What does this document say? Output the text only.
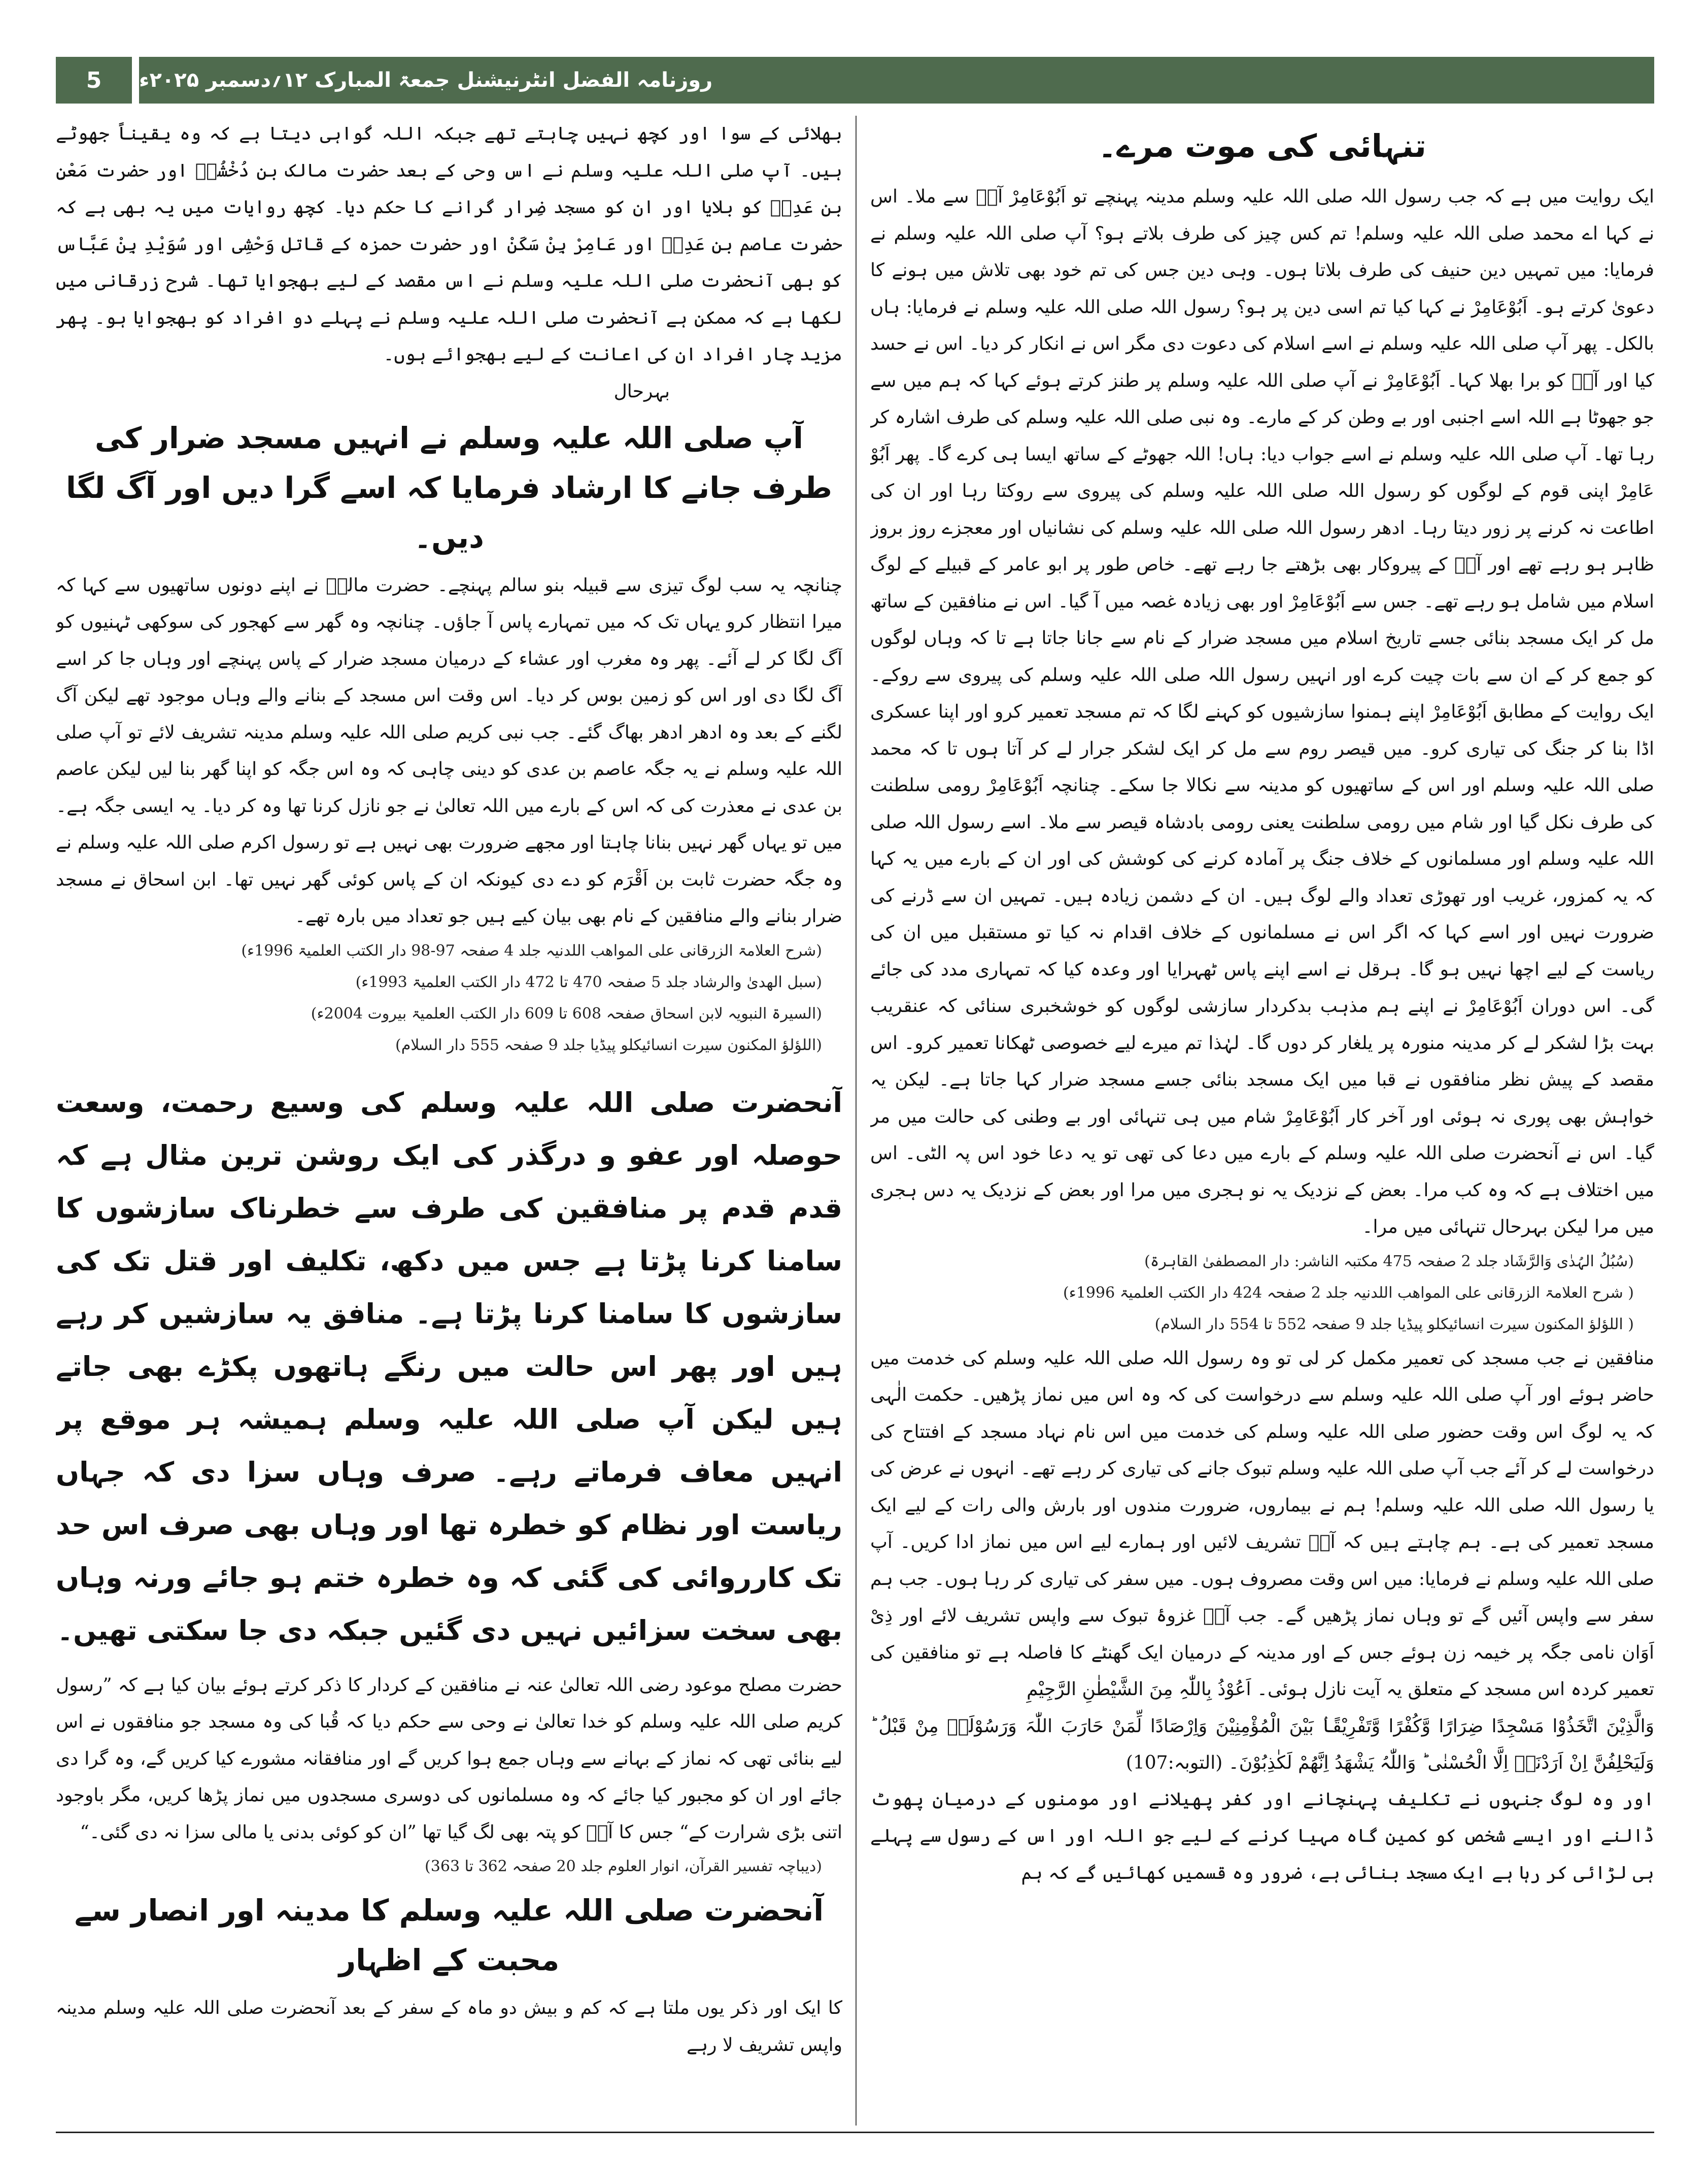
5	روزنامہ الفضل انٹرنیشنل جمعۃ المبارک ۱۲؍دسمبر ۲۰۲۵ء
تنہائی کی موت مرے۔

ایک روایت میں ہے کہ جب رسول اللہ صلی اللہ علیہ وسلم مدینہ پہنچے تو اَبُوْعَامِرْ آپؐ سے ملا۔ اس نے کہا اے محمد صلی اللہ علیہ وسلم! تم کس چیز کی طرف بلاتے ہو؟ آپ صلی اللہ علیہ وسلم نے فرمایا: میں تمہیں دین حنیف کی طرف بلاتا ہوں۔ وہی دین جس کی تم خود بھی تلاش میں ہونے کا دعویٰ کرتے ہو۔ اَبُوْعَامِرْ نے کہا کیا تم اسی دین پر ہو؟ رسول اللہ صلی اللہ علیہ وسلم نے فرمایا: ہاں بالکل۔ پھر آپ صلی اللہ علیہ وسلم نے اسے اسلام کی دعوت دی مگر اس نے انکار کر دیا۔ اس نے حسد کیا اور آپؐ کو برا بھلا کہا۔ اَبُوْعَامِرْ نے آپ صلی اللہ علیہ وسلم پر طنز کرتے ہوئے کہا کہ ہم میں سے جو جھوٹا ہے اللہ اسے اجنبی اور بے وطن کر کے مارے۔ وہ نبی صلی اللہ علیہ وسلم کی طرف اشارہ کر رہا تھا۔ آپ صلی اللہ علیہ وسلم نے اسے جواب دیا: ہاں! اللہ جھوٹے کے ساتھ ایسا ہی کرے گا۔ پھر اَبُوْ عَامِرْ اپنی قوم کے لوگوں کو رسول اللہ صلی اللہ علیہ وسلم کی پیروی سے روکتا رہا اور ان کی اطاعت نہ کرنے پر زور دیتا رہا۔ ادھر رسول اللہ صلی اللہ علیہ وسلم کی نشانیاں اور معجزے روز بروز ظاہر ہو رہے تھے اور آپؐ کے پیروکار بھی بڑھتے جا رہے تھے۔ خاص طور پر ابو عامر کے قبیلے کے لوگ اسلام میں شامل ہو رہے تھے۔ جس سے اَبُوْعَامِرْ اور بھی زیادہ غصہ میں آ گیا۔ اس نے منافقین کے ساتھ مل کر ایک مسجد بنائی جسے تاریخ اسلام میں مسجد ضرار کے نام سے جانا جاتا ہے تا کہ وہاں لوگوں کو جمع کر کے ان سے بات چیت کرے اور انہیں رسول اللہ صلی اللہ علیہ وسلم کی پیروی سے روکے۔ ایک روایت کے مطابق اَبُوْعَامِرْ اپنے ہمنوا سازشیوں کو کہنے لگا کہ تم مسجد تعمیر کرو اور اپنا عسکری اڈا بنا کر جنگ کی تیاری کرو۔ میں قیصر روم سے مل کر ایک لشکر جرار لے کر آتا ہوں تا کہ محمد صلی اللہ علیہ وسلم اور اس کے ساتھیوں کو مدینہ سے نکالا جا سکے۔ چنانچہ اَبُوْعَامِرْ رومی سلطنت کی طرف نکل گیا اور شام میں رومی سلطنت یعنی رومی بادشاہ قیصر سے ملا۔ اسے رسول اللہ صلی اللہ علیہ وسلم اور مسلمانوں کے خلاف جنگ پر آمادہ کرنے کی کوشش کی اور ان کے بارے میں یہ کہا کہ یہ کمزور، غریب اور تھوڑی تعداد والے لوگ ہیں۔ ان کے دشمن زیادہ ہیں۔ تمہیں ان سے ڈرنے کی ضرورت نہیں اور اسے کہا کہ اگر اس نے مسلمانوں کے خلاف اقدام نہ کیا تو مستقبل میں ان کی ریاست کے لیے اچھا نہیں ہو گا۔ ہرقل نے اسے اپنے پاس ٹھہرایا اور وعدہ کیا کہ تمہاری مدد کی جائے گی۔ اس دوران اَبُوْعَامِرْ نے اپنے ہم مذہب بدکردار سازشی لوگوں کو خوشخبری سنائی کہ عنقریب بہت بڑا لشکر لے کر مدینہ منورہ پر یلغار کر دوں گا۔ لہٰذا تم میرے لیے خصوصی ٹھکانا تعمیر کرو۔ اس مقصد کے پیش نظر منافقوں نے قبا میں ایک مسجد بنائی جسے مسجد ضرار کہا جاتا ہے۔ لیکن یہ خواہش بھی پوری نہ ہوئی اور آخر کار اَبُوْعَامِرْ شام میں ہی تنہائی اور بے وطنی کی حالت میں مر گیا۔ اس نے آنحضرت صلی اللہ علیہ وسلم کے بارے میں دعا کی تھی تو یہ دعا خود اس پہ الٹی۔ اس میں اختلاف ہے کہ وہ کب مرا۔ بعض کے نزدیک یہ نو ہجری میں مرا اور بعض کے نزدیک یہ دس ہجری میں مرا لیکن بہرحال تنہائی میں مرا۔

(سُبُلُ الہُدٰی وَالرَّشَاد جلد 2 صفحہ 475 مکتبہ الناشر: دار المصطفیٰ القاہرۃ)
( شرح العلامۃ الزرقانی علی المواھب اللدنیہ جلد 2 صفحہ 424 دار الکتب العلمیۃ 1996ء)
( اللؤلؤ المکنون سیرت انسائیکلو پیڈیا جلد 9 صفحہ 552 تا 554 دار السلام)

منافقین نے جب مسجد کی تعمیر مکمل کر لی تو وہ رسول اللہ صلی اللہ علیہ وسلم کی خدمت میں حاضر ہوئے اور آپ صلی اللہ علیہ وسلم سے درخواست کی کہ وہ اس میں نماز پڑھیں۔ حکمت الٰہی کہ یہ لوگ اس وقت حضور صلی اللہ علیہ وسلم کی خدمت میں اس نام نہاد مسجد کے افتتاح کی درخواست لے کر آئے جب آپ صلی اللہ علیہ وسلم تبوک جانے کی تیاری کر رہے تھے۔ انہوں نے عرض کی یا رسول اللہ صلی اللہ علیہ وسلم! ہم نے بیماروں، ضرورت مندوں اور بارش والی رات کے لیے ایک مسجد تعمیر کی ہے۔ ہم چاہتے ہیں کہ آپؐ تشریف لائیں اور ہمارے لیے اس میں نماز ادا کریں۔ آپ صلی اللہ علیہ وسلم نے فرمایا: میں اس وقت مصروف ہوں۔ میں سفر کی تیاری کر رہا ہوں۔ جب ہم سفر سے واپس آئیں گے تو وہاں نماز پڑھیں گے۔ جب آپؐ غزوۂ تبوک سے واپس تشریف لائے اور ذِیْ اَوَان نامی جگہ پر خیمہ زن ہوئے جس کے اور مدینہ کے درمیان ایک گھنٹے کا فاصلہ ہے تو منافقین کی تعمیر کردہ اس مسجد کے متعلق یہ آیت نازل ہوئی۔ اَعُوْذُ بِاللّٰہِ مِنَ الشَّیْطٰنِ الرَّجِیْمِ

وَالَّذِیْنَ اتَّخَذُوْا مَسْجِدًا ضِرَارًا وَّکُفْرًا وَّتَفْرِیْقًاۢ بَیْنَ الْمُؤْمِنِیْنَ وَاِرْصَادًا لِّمَنْ حَارَبَ اللّٰہَ وَرَسُوْلَہٗ مِنْ قَبْلُ ؕ وَلَیَحْلِفُنَّ اِنْ اَرَدْنَاۤ اِلَّا الْحُسْنٰی ؕ وَاللّٰہُ یَشْھَدُ اِنَّھُمْ لَکٰذِبُوْنَ۔ (التوبہ:107)

اور وہ لوگ جنہوں نے تکلیف پہنچانے اور کفر پھیلانے اور مومنوں کے درمیان پھوٹ ڈالنے اور ایسے شخص کو کمین گاہ مہیا کرنے کے لیے جو اللہ اور اس کے رسول سے پہلے ہی لڑائی کر رہا ہے ایک مسجد بنائی ہے، ضرور وہ قسمیں کھائیں گے کہ ہم

بھلائی کے سوا اور کچھ نہیں چاہتے تھے جبکہ اللہ گواہی دیتا ہے کہ وہ یقیناً جھوٹے ہیں۔ آپ صلی اللہ علیہ وسلم نے اس وحی کے بعد حضرت مالک بن دُخْشُمؓ اور حضرت مَعْنِ بن عَدِیؓ کو بلایا اور ان کو مسجد ضِرار گرانے کا حکم دیا۔ کچھ روایات میں یہ بھی ہے کہ حضرت عاصم بن عَدِیؓ اور عَامِرْ بِنْ سَکَنْ اور حضرت حمزہ کے قاتل وَحْشِی اور سُوَیْدِ بِنْ عَبَّاس کو بھی آنحضرت صلی اللہ علیہ وسلم نے اس مقصد کے لیے بھجوایا تھا۔ شرح زرقانی میں لکھا ہے کہ ممکن ہے آنحضرت صلی اللہ علیہ وسلم نے پہلے دو افراد کو بھجوایا ہو۔ پھر مزید چار افراد ان کی اعانت کے لیے بھجوائے ہوں۔

بہرحال
آپ صلی اللہ علیہ وسلم نے انہیں مسجد ضرار کی طرف جانے کا ارشاد فرمایا کہ اسے گرا دیں اور آگ لگا دیں۔

چنانچہ یہ سب لوگ تیزی سے قبیلہ بنو سالم پہنچے۔ حضرت مالکؓ نے اپنے دونوں ساتھیوں سے کہا کہ میرا انتظار کرو یہاں تک کہ میں تمہارے پاس آ جاؤں۔ چنانچہ وہ گھر سے کھجور کی سوکھی ٹہنیوں کو آگ لگا کر لے آئے۔ پھر وہ مغرب اور عشاء کے درمیان مسجد ضرار کے پاس پہنچے اور وہاں جا کر اسے آگ لگا دی اور اس کو زمین بوس کر دیا۔ اس وقت اس مسجد کے بنانے والے وہاں موجود تھے لیکن آگ لگنے کے بعد وہ ادھر ادھر بھاگ گئے۔ جب نبی کریم صلی اللہ علیہ وسلم مدینہ تشریف لائے تو آپ صلی اللہ علیہ وسلم نے یہ جگہ عاصم بن عدی کو دینی چاہی کہ وہ اس جگہ کو اپنا گھر بنا لیں لیکن عاصم بن عدی نے معذرت کی کہ اس کے بارے میں اللہ تعالیٰ نے جو نازل کرنا تھا وہ کر دیا۔ یہ ایسی جگہ ہے۔ میں تو یہاں گھر نہیں بنانا چاہتا اور مجھے ضرورت بھی نہیں ہے تو رسول اکرم صلی اللہ علیہ وسلم نے وہ جگہ حضرت ثابت بن اَقْرَم کو دے دی کیونکہ ان کے پاس کوئی گھر نہیں تھا۔ ابن اسحاق نے مسجد ضرار بنانے والے منافقین کے نام بھی بیان کیے ہیں جو تعداد میں بارہ تھے۔

(شرح العلامۃ الزرقانی علی المواھب اللدنیہ جلد 4 صفحہ 97-98 دار الکتب العلمیۃ 1996ء)
(سبل الھدیٰ والرشاد جلد 5 صفحہ 470 تا 472 دار الکتب العلمیۃ 1993ء)
(السیرۃ النبویہ لابن اسحاق صفحہ 608 تا 609 دار الکتب العلمیۃ بیروت 2004ء)
(اللؤلؤ المکنون سیرت انسائیکلو پیڈیا جلد 9 صفحہ 555 دار السلام)
آنحضرت صلی اللہ علیہ وسلم کی وسیع رحمت، وسعت حوصلہ اور عفو و درگذر کی ایک روشن ترین مثال ہے کہ قدم قدم پر منافقین کی طرف سے خطرناک سازشوں کا سامنا کرنا پڑتا ہے جس میں دکھ، تکلیف اور قتل تک کی سازشوں کا سامنا کرنا پڑتا ہے۔ منافق یہ سازشیں کر رہے ہیں اور پھر اس حالت میں رنگے ہاتھوں پکڑے بھی جاتے ہیں لیکن آپ صلی اللہ علیہ وسلم ہمیشہ ہر موقع پر انہیں معاف فرماتے رہے۔ صرف وہاں سزا دی کہ جہاں ریاست اور نظام کو خطرہ تھا اور وہاں بھی صرف اس حد تک کارروائی کی گئی کہ وہ خطرہ ختم ہو جائے ورنہ وہاں بھی سخت سزائیں نہیں دی گئیں جبکہ دی جا سکتی تھیں۔

حضرت مصلح موعود رضی اللہ تعالیٰ عنہ نے منافقین کے کردار کا ذکر کرتے ہوئے بیان کیا ہے کہ ”رسول کریم صلی اللہ علیہ وسلم کو خدا تعالیٰ نے وحی سے حکم دیا کہ قُبا کی وہ مسجد جو منافقوں نے اس لیے بنائی تھی کہ نماز کے بہانے سے وہاں جمع ہوا کریں گے اور منافقانہ مشورے کیا کریں گے، وہ گرا دی جائے اور ان کو مجبور کیا جائے کہ وہ مسلمانوں کی دوسری مسجدوں میں نماز پڑھا کریں، مگر باوجود اتنی بڑی شرارت کے“ جس کا آپؐ کو پتہ بھی لگ گیا تھا ”ان کو کوئی بدنی یا مالی سزا نہ دی گئی۔“

(دیباچہ تفسیر القرآن، انوار العلوم جلد 20 صفحہ 362 تا 363)
آنحضرت صلی اللہ علیہ وسلم کا مدینہ اور انصار سے محبت کے اظہار

کا ایک اور ذکر یوں ملتا ہے کہ کم و بیش دو ماہ کے سفر کے بعد آنحضرت صلی اللہ علیہ وسلم مدینہ واپس تشریف لا رہے
